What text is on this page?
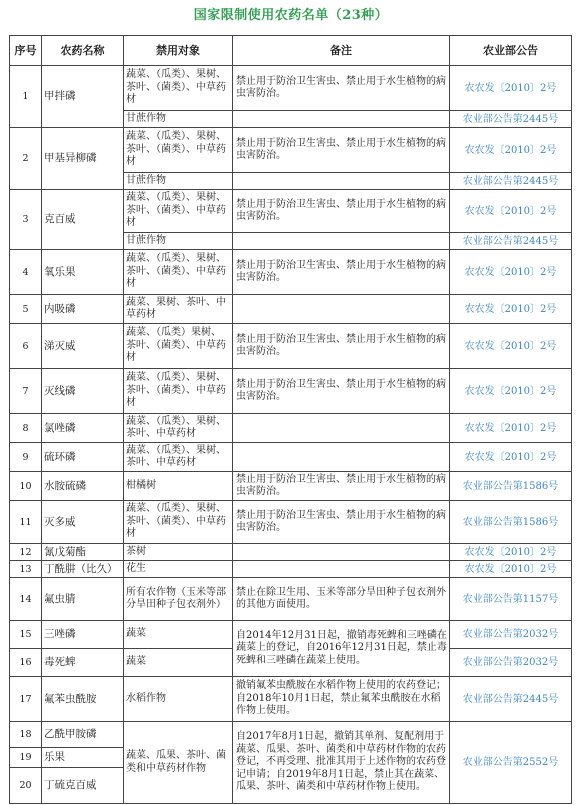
国家限制使用农药名单（23种）
序号	农药名称	禁用对象	备注	农业部公告
1	甲拌磷	蔬菜、（瓜类）、果树、茶叶、（菌类）、中草药材	禁止用于防治卫生害虫、禁止用于水生植物的病虫害防治。	农农发〔2010〕2号
		甘蔗作物		农业部公告第2445号
2	甲基异柳磷	蔬菜、（瓜类）、果树、茶叶、（菌类）、中草药材	禁止用于防治卫生害虫、禁止用于水生植物的病虫害防治。	农农发〔2010〕2号
		甘蔗作物		农业部公告第2445号
3	克百威	蔬菜、（瓜类）、果树、茶叶、（菌类）、中草药材	禁止用于防治卫生害虫、禁止用于水生植物的病虫害防治。	农农发〔2010〕2号
		甘蔗作物		农业部公告第2445号
4	氧乐果	蔬菜、（瓜类）、果树、茶叶、（菌类）、中草药材	禁止用于防治卫生害虫、禁止用于水生植物的病虫害防治。	农农发〔2010〕2号
5	内吸磷	蔬菜、果树、茶叶、中草药材		农农发〔2010〕2号
6	涕灭威	蔬菜、（瓜类）果树、茶叶、（菌类）、中草药材	禁止用于防治卫生害虫、禁止用于水生植物的病虫害防治。	农农发〔2010〕2号
7	灭线磷	蔬菜、（瓜类）、果树、茶叶、（菌类）、中草药材	禁止用于防治卫生害虫、禁止用于水生植物的病虫害防治。	农农发〔2010〕2号
8	氯唑磷	蔬菜、（瓜类）、果树、茶叶、中草药材		农农发〔2010〕2号
9	硫环磷	蔬菜、（瓜类）、果树、茶叶、中草药材		农农发〔2010〕2号
10	水胺硫磷	柑橘树	禁止用于防治卫生害虫、禁止用于水生植物的病虫害防治。	农业部公告第1586号
11	灭多威	蔬菜、（瓜类）、果树、茶叶、（菌类）、中草药材	禁止用于防治卫生害虫、禁止用于水生植物的病虫害防治。	农业部公告第1586号
12	氰戊菊酯	茶树		农农发〔2010〕2号
13	丁酰肼（比久）	花生		农农发〔2010〕2号
14	氟虫腈	所有农作物（玉米等部分旱田种子包衣剂外）	禁止在除卫生用、玉米等部分旱田种子包衣剂外的其他方面使用。	农业部公告第1157号
15	三唑磷	蔬菜	自2014年12月31日起，撤销毒死蜱和三唑磷在蔬菜上的登记，自2016年12月31日起，禁止毒死蜱和三唑磷在蔬菜上使用。	农业部公告第2032号
16	毒死蜱	蔬菜		农业部公告第2032号
17	氟苯虫酰胺	水稻作物	撤销氟苯虫酰胺在水稻作物上使用的农药登记；自2018年10月1日起，禁止氟苯虫酰胺在水稻作物上使用。	农业部公告第2445号
18	乙酰甲胺磷	蔬菜、瓜果、茶叶、菌类和中草药材作物	自2017年8月1日起，撤销其单剂、复配剂用于蔬菜、瓜果、茶叶、菌类和中草药材作物的农药登记，不再受理、批准其用于上述作物的农药登记申请；自2019年8月1日起，禁止其在蔬菜、瓜果、茶叶、菌类和中草药材作物上使用。	农业部公告第2552号
19	乐果			
20	丁硫克百威			
